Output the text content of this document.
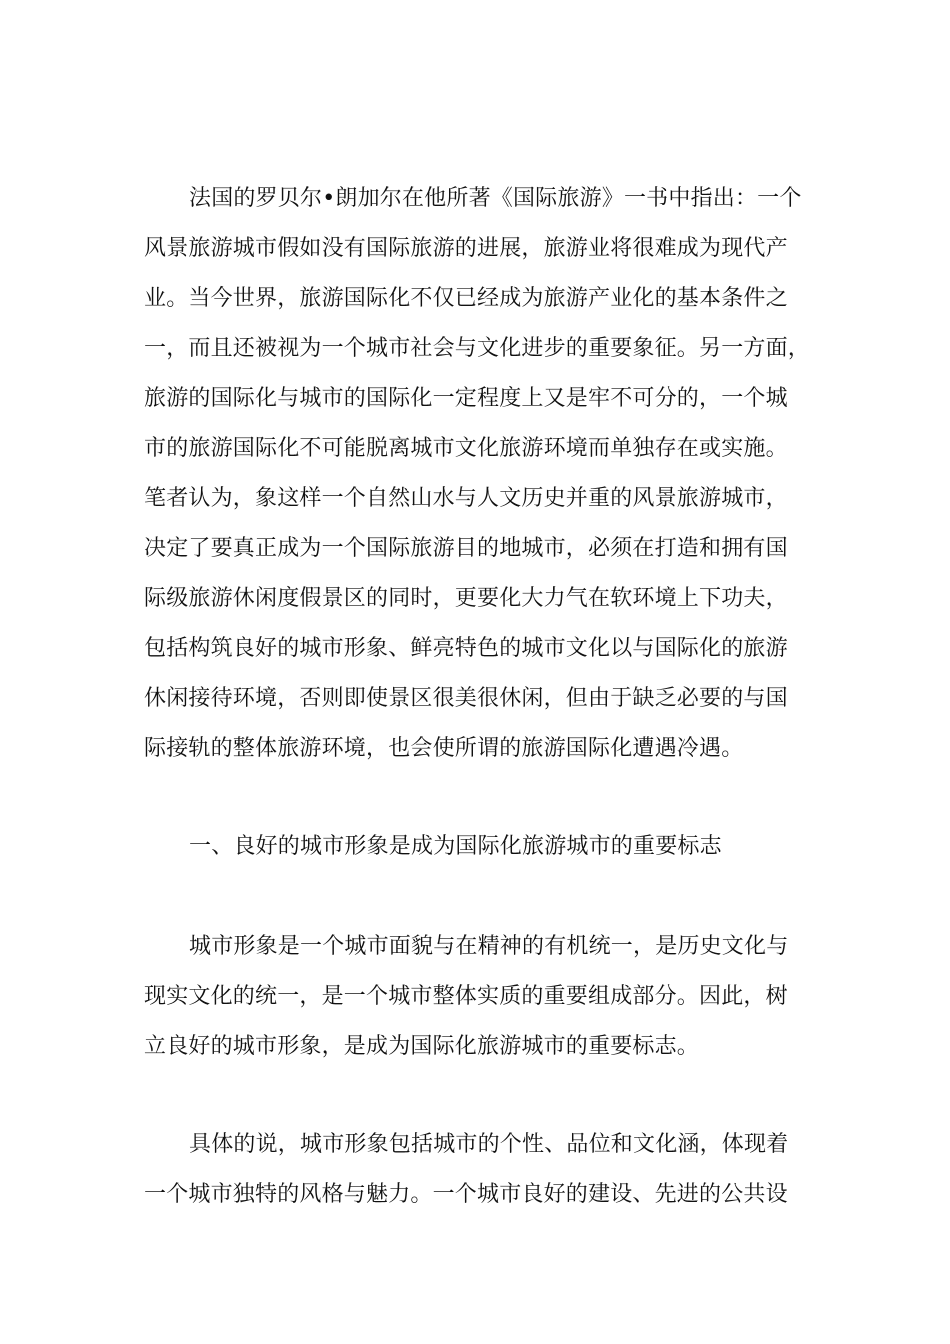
法国的罗贝尔•朗加尔在他所著《国际旅游》一书中指出：一个
风景旅游城市假如没有国际旅游的进展，旅游业将很难成为现代产
业。当今世界，旅游国际化不仅已经成为旅游产业化的基本条件之
一，而且还被视为一个城市社会与文化进步的重要象征。另一方面，
旅游的国际化与城市的国际化一定程度上又是牢不可分的，一个城
市的旅游国际化不可能脱离城市文化旅游环境而单独存在或实施。
笔者认为，象这样一个自然山水与人文历史并重的风景旅游城市，
决定了要真正成为一个国际旅游目的地城市，必须在打造和拥有国
际级旅游休闲度假景区的同时，更要化大力气在软环境上下功夫，
包括构筑良好的城市形象、鲜亮特色的城市文化以与国际化的旅游
休闲接待环境，否则即使景区很美很休闲，但由于缺乏必要的与国
际接轨的整体旅游环境，也会使所谓的旅游国际化遭遇冷遇。
一、良好的城市形象是成为国际化旅游城市的重要标志
城市形象是一个城市面貌与在精神的有机统一，是历史文化与
现实文化的统一，是一个城市整体实质的重要组成部分。因此，树
立良好的城市形象，是成为国际化旅游城市的重要标志。
具体的说，城市形象包括城市的个性、品位和文化涵，体现着
一个城市独特的风格与魅力。一个城市良好的建设、先进的公共设
